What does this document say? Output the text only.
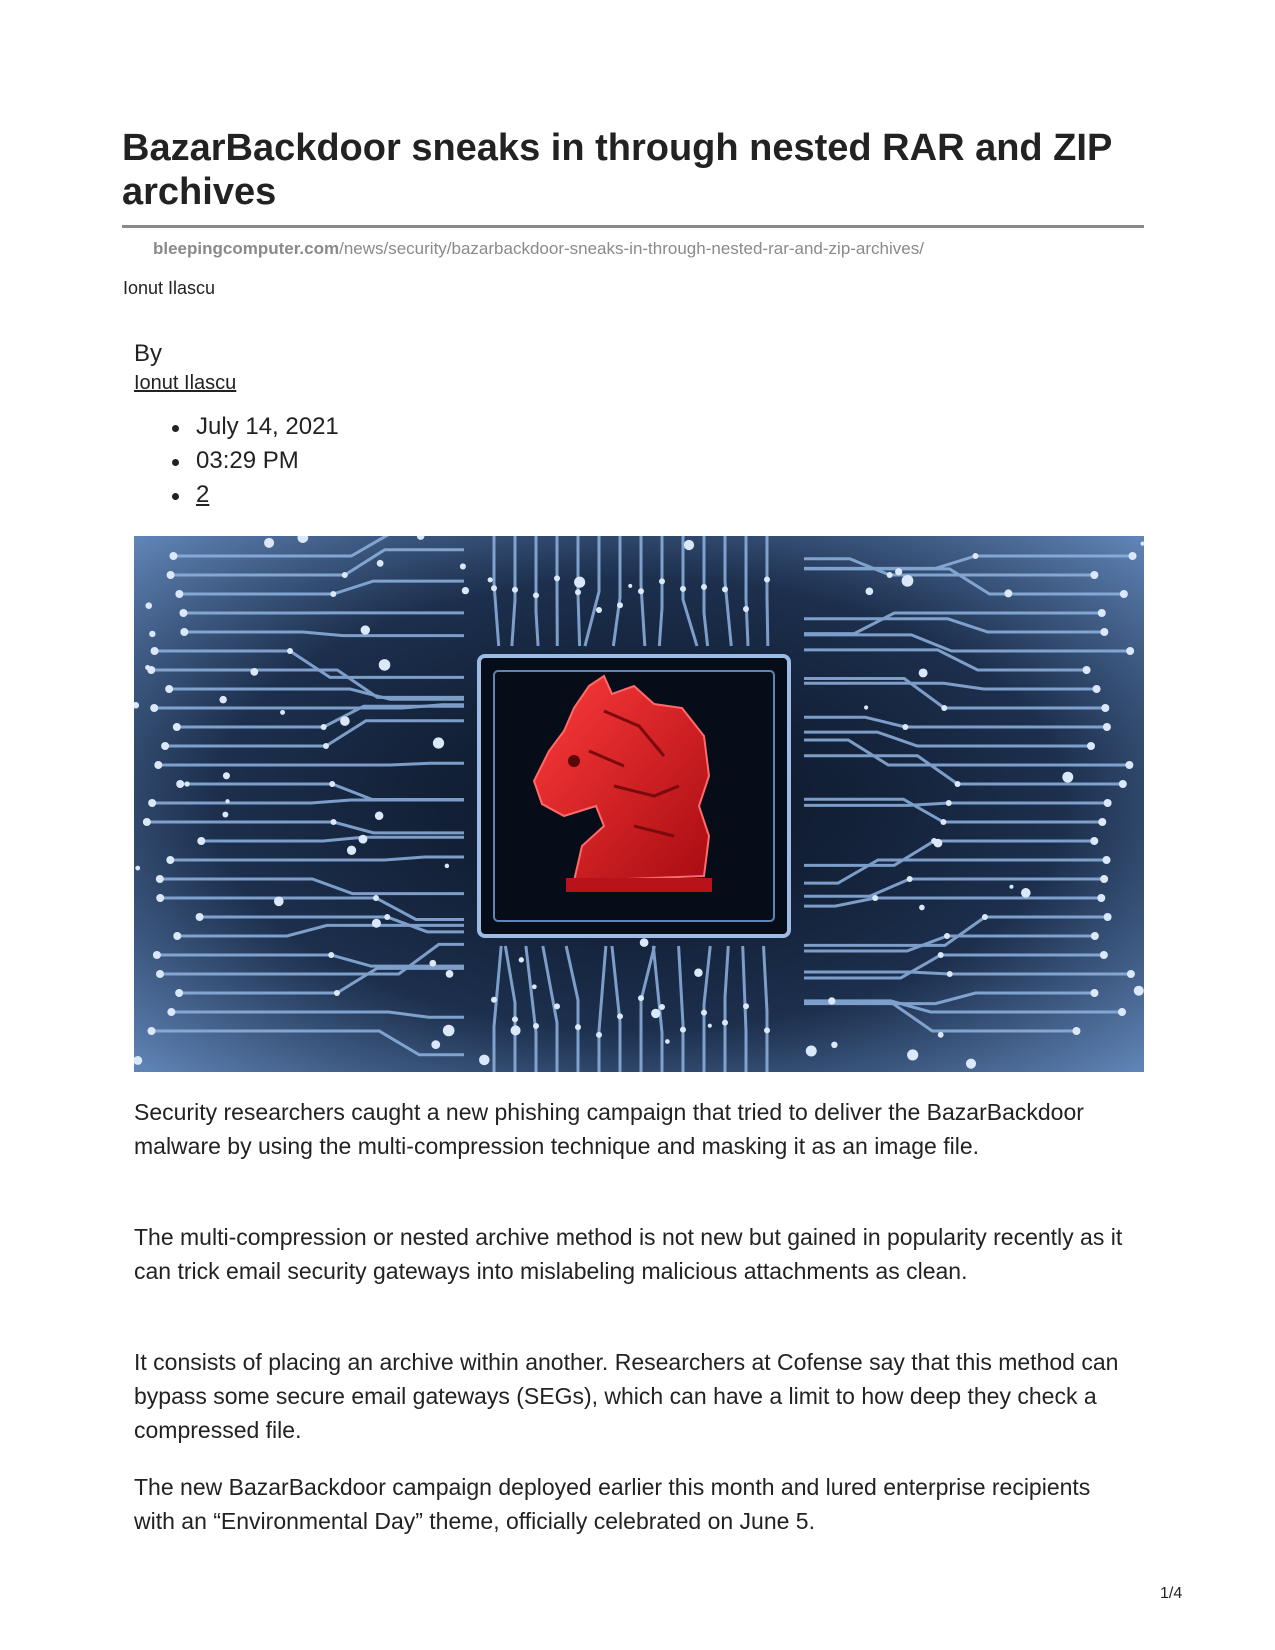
BazarBackdoor sneaks in through nested RAR and ZIP archives
bleepingcomputer.com/news/security/bazarbackdoor-sneaks-in-through-nested-rar-and-zip-archives/
Ionut Ilascu
By
Ionut Ilascu
July 14, 2021
03:29 PM
2

Security researchers caught a new phishing campaign that tried to deliver the BazarBackdoor malware by using the multi-compression technique and masking it as an image file.

The multi-compression or nested archive method is not new but gained in popularity recently as it can trick email security gateways into mislabeling malicious attachments as clean.

It consists of placing an archive within another. Researchers at Cofense say that this method can bypass some secure email gateways (SEGs), which can have a limit to how deep they check a compressed file.

The new BazarBackdoor campaign deployed earlier this month and lured enterprise recipients with an “Environmental Day” theme, officially celebrated on June 5.

1/4
